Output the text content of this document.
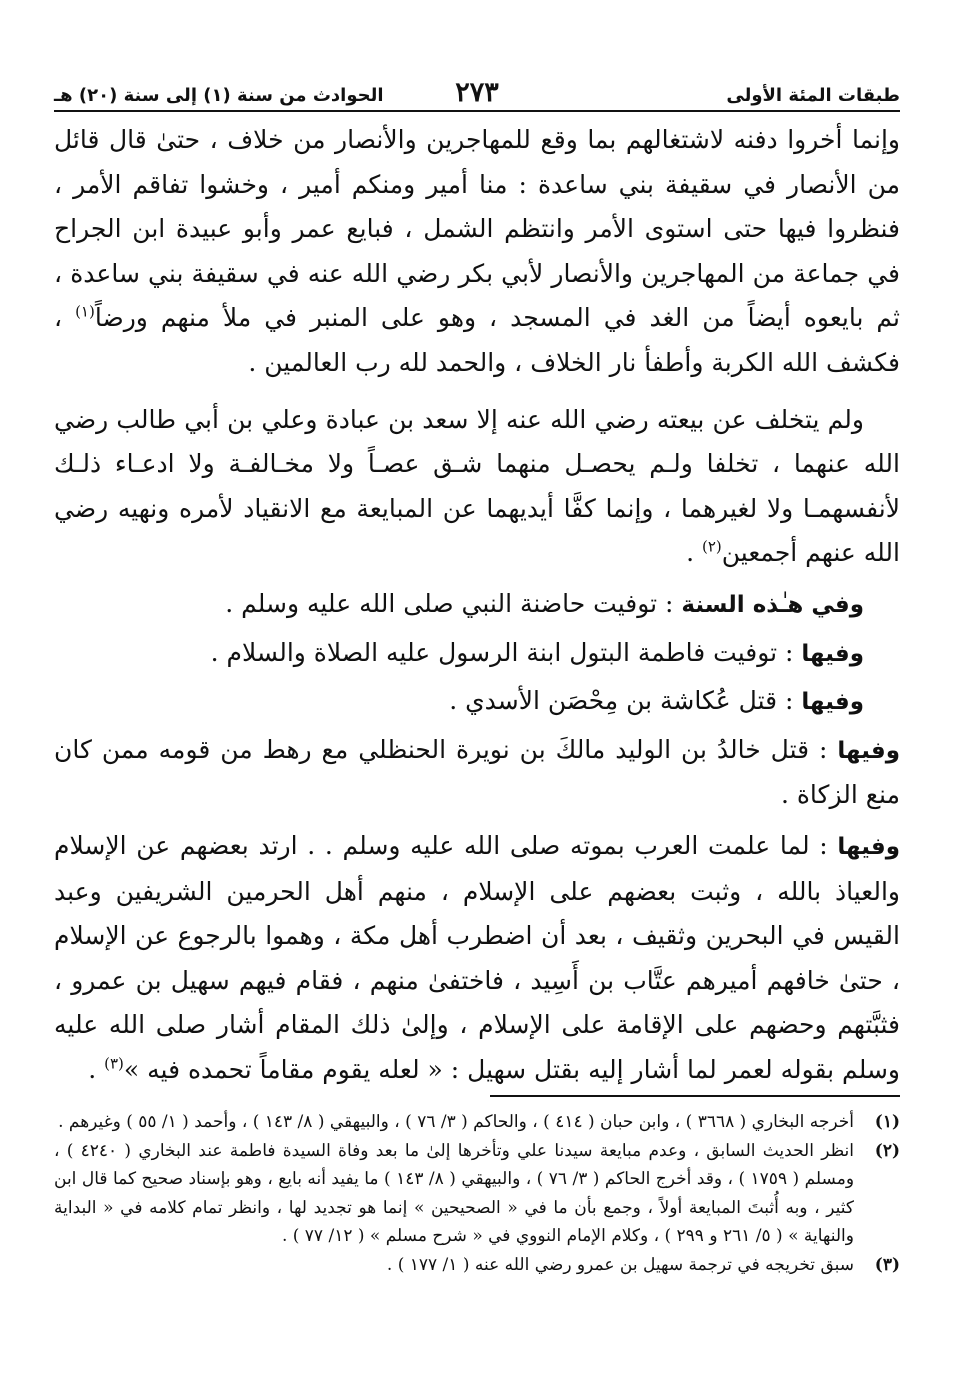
طبقات المئة الأولى
٢٧٣
الحوادث من سنة (١) إلى سنة (٢٠) هـ

وإنما أخروا دفنه لاشتغالهم بما وقع للمهاجرين والأنصار من خلاف ، حتىٰ قال قائل من الأنصار في سقيفة بني ساعدة : منا أمير ومنكم أمير ، وخشوا تفاقم الأمر ، فنظروا فيها حتى استوى الأمر وانتظم الشمل ، فبايع عمر وأبو عبيدة ابن الجراح في جماعة من المهاجرين والأنصار لأبي بكر رضي الله عنه في سقيفة بني ساعدة ، ثم بايعوه أيضاً من الغد في المسجد ، وهو على المنبر في ملأ منهم ورضاً$^{(١)}$ ، فكشف الله الكربة وأطفأ نار الخلاف ، والحمد لله رب العالمين .

ولم يتخلف عن بيعته رضي الله عنه إلا سعد بن عبادة وعلي بن أبي طالب رضي الله عنهما ، تخلفا ولـم يحصـل منهما شـق عصـاً ولا مخـالفـة ولا ادعـاء ذلـك لأنفسهمـا ولا لغيرهما ، وإنما كفَّا أيديهما عن المبايعة مع الانقياد لأمره ونهيه رضي الله عنهم أجمعين$^{(٢)}$ .

وفي هـٰذه السنة : توفيت حاضنة النبي صلى الله عليه وسلم .

وفيها : توفيت فاطمة البتول ابنة الرسول عليه الصلاة والسلام .

وفيها : قتل عُكاشة بن مِحْصَن الأسدي .

وفيها : قتل خالدُ بن الوليد مالكَ بن نويرة الحنظلي مع رهط من قومه ممن كان منع الزكاة .

وفيها : لما علمت العرب بموته صلى الله عليه وسلم . . ارتد بعضهم عن الإسلام والعياذ بالله ، وثبت بعضهم على الإسلام ، منهم أهل الحرمين الشريفين وعبد القيس في البحرين وثقيف ، بعد أن اضطرب أهل مكة ، وهموا بالرجوع عن الإسلام ، حتىٰ خافهم أميرهم عتَّاب بن أَسِيد ، فاختفىٰ منهم ، فقام فيهم سهيل بن عمرو ، فثبَّتهم وحضهم على الإقامة على الإسلام ، وإلىٰ ذلك المقام أشار صلى الله عليه وسلم بقوله لعمر لما أشار إليه بقتل سهيل : « لعله يقوم مقاماً تحمده فيه »$^{(٣)}$ .

(١)
أخرجه البخاري ( ٣٦٦٨ ) ، وابن حبان ( ٤١٤ ) ، والحاكم ( ٣/ ٧٦ ) ، والبيهقي ( ٨/ ١٤٣ ) ، وأحمد ( ١/ ٥٥ ) وغيرهم .
(٢)
انظر الحديث السابق ، وعدم مبايعة سيدنا علي وتأخرها إلىٰ ما بعد وفاة السيدة فاطمة عند البخاري ( ٤٢٤٠ ) ، ومسلم ( ١٧٥٩ ) ، وقد أخرج الحاكم ( ٣/ ٧٦ ) ، والبيهقي ( ٨/ ١٤٣ ) ما يفيد أنه بايع ، وهو بإسناد صحيح كما قال ابن كثير ، وبه أُثبتَ المبايعة أولاً ، وجمع بأن ما في « الصحيحين » إنما هو تجديد لها ، وانظر تمام كلامه في « البداية والنهاية » ( ٥/ ٢٦١ و ٢٩٩ ) ، وكلام الإمام النووي في « شرح مسلم » ( ١٢/ ٧٧ ) .
(٣)
سبق تخريجه في ترجمة سهيل بن عمرو رضي الله عنه ( ١/ ١٧٧ ) .
